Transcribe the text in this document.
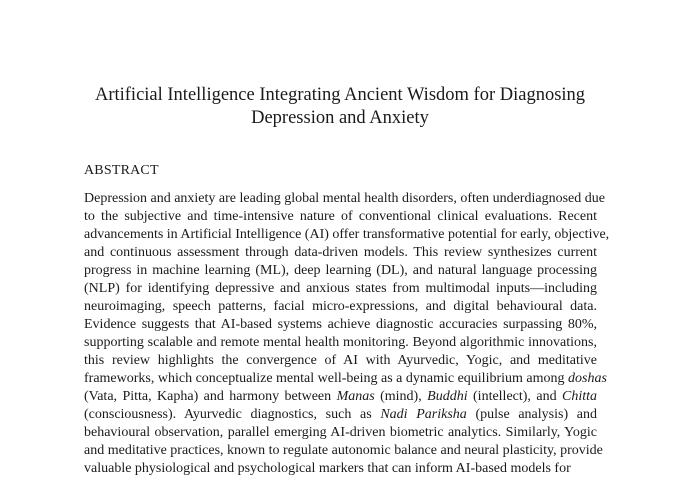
Artificial Intelligence Integrating Ancient Wisdom for Diagnosing
Depression and Anxiety
ABSTRACT
Depression and anxiety are leading global mental health disorders, often underdiagnosed due
to the subjective and time-intensive nature of conventional clinical evaluations. Recent
advancements in Artificial Intelligence (AI) offer transformative potential for early, objective,
and continuous assessment through data-driven models. This review synthesizes current
progress in machine learning (ML), deep learning (DL), and natural language processing
(NLP) for identifying depressive and anxious states from multimodal inputs—including
neuroimaging, speech patterns, facial micro-expressions, and digital behavioural data.
Evidence suggests that AI-based systems achieve diagnostic accuracies surpassing 80%,
supporting scalable and remote mental health monitoring. Beyond algorithmic innovations,
this review highlights the convergence of AI with Ayurvedic, Yogic, and meditative
frameworks, which conceptualize mental well-being as a dynamic equilibrium among doshas
(Vata, Pitta, Kapha) and harmony between Manas (mind), Buddhi (intellect), and Chitta
(consciousness). Ayurvedic diagnostics, such as Nadi Pariksha (pulse analysis) and
behavioural observation, parallel emerging AI-driven biometric analytics. Similarly, Yogic
and meditative practices, known to regulate autonomic balance and neural plasticity, provide
valuable physiological and psychological markers that can inform AI-based models for
